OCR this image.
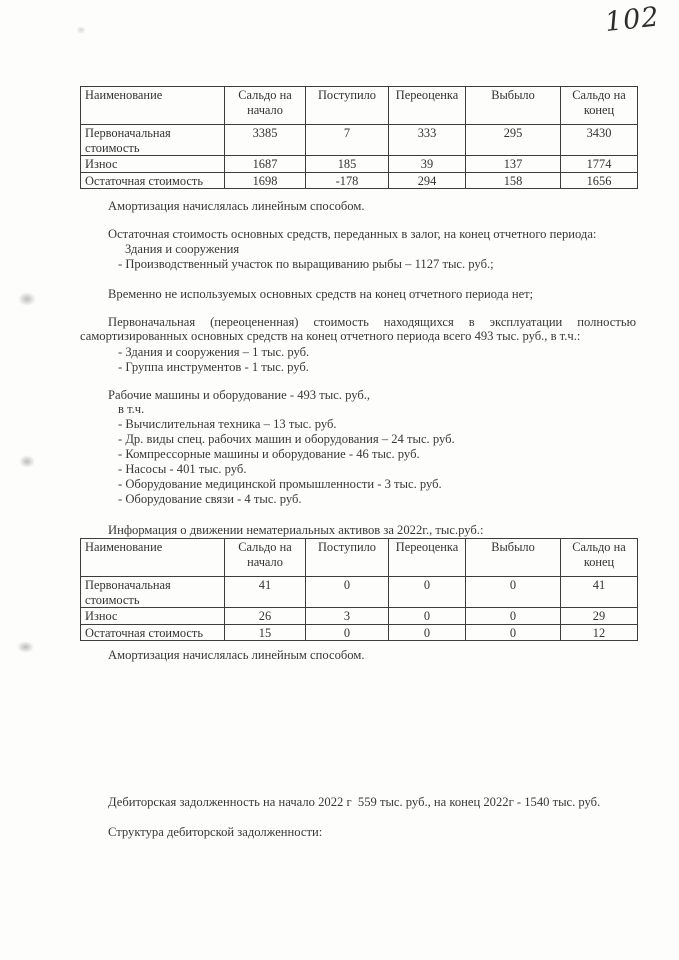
102
Наименование	Сальдо на начало	Поступило	Переоценка	Выбыло	Сальдо на конец
Первоначальная стоимость	3385	7	333	295	3430
Износ	1687	185	39	137	1774
Остаточная стоимость	1698	-178	294	158	1656
Амортизация начислялась линейным способом.
Остаточная стоимость основных средств, переданных в залог, на конец отчетного периода:
Здания и сооружения
- Производственный участок по выращиванию рыбы – 1127 тыс. руб.;
Временно не используемых основных средств на конец отчетного периода нет;
Первоначальная (переоцененная) стоимость находящихся в эксплуатации полностью
самортизированных основных средств на конец отчетного периода всего 493 тыс. руб., в т.ч.:
- Здания и сооружения – 1 тыс. руб.
- Группа инструментов - 1 тыс. руб.
Рабочие машины и оборудование - 493 тыс. руб.,
в т.ч.
- Вычислительная техника – 13 тыс. руб.
- Др. виды спец. рабочих машин и оборудования – 24 тыс. руб.
- Компрессорные машины и оборудование - 46 тыс. руб.
- Насосы - 401 тыс. руб.
- Оборудование медицинской промышленности - 3 тыс. руб.
- Оборудование связи - 4 тыс. руб.
Информация о движении нематериальных активов за 2022г., тыс.руб.:
Наименование	Сальдо на начало	Поступило	Переоценка	Выбыло	Сальдо на конец
Первоначальная стоимость	41	0	0	0	41
Износ	26	3	0	0	29
Остаточная стоимость	15	0	0	0	12
Амортизация начислялась линейным способом.
Дебиторская задолженность на начало 2022 г  559 тыс. руб., на конец 2022г - 1540 тыс. руб.
Структура дебиторской задолженности:
